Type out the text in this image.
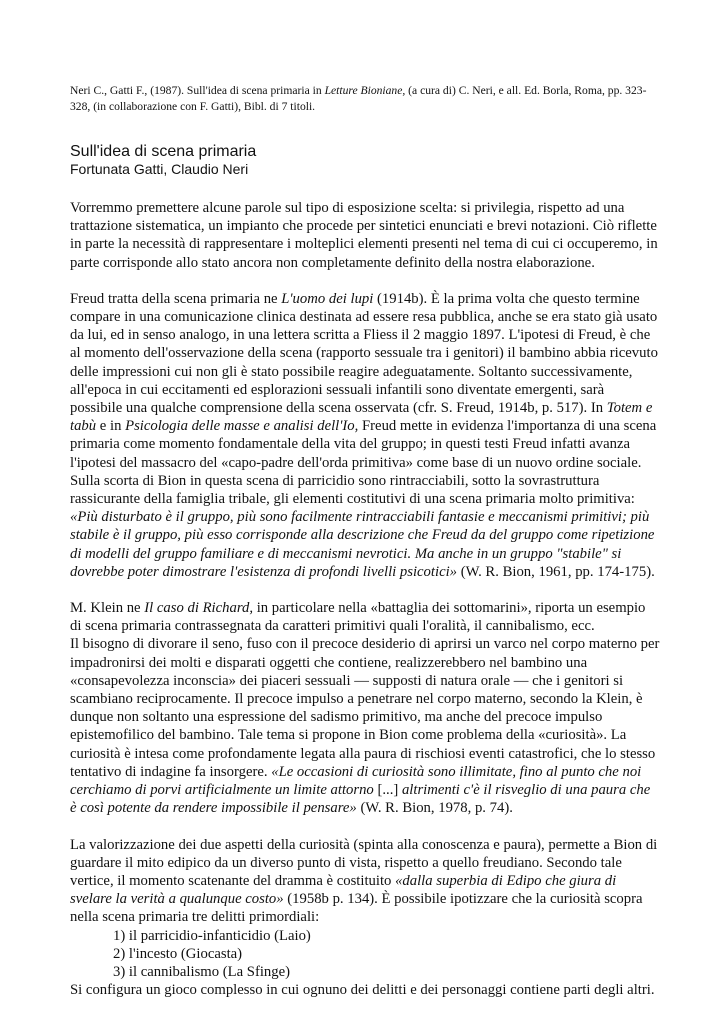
Neri C., Gatti F., (1987). Sull'idea di scena primaria in Letture Bioniane, (a cura di) C. Neri, e all. Ed. Borla, Roma, pp. 323-328, (in collaborazione con F. Gatti), Bibl. di 7 titoli.

Sull'idea di scena primaria

Fortunata Gatti, Claudio Neri

Vorremmo premettere alcune parole sul tipo di esposizione scelta: si privilegia, rispetto ad una trattazione sistematica, un impianto che procede per sintetici enunciati e brevi notazioni. Ciò riflette in parte la necessità di rappresentare i molteplici elementi presenti nel tema di cui ci occuperemo, in parte corrisponde allo stato ancora non completamente definito della nostra elaborazione.

Freud tratta della scena primaria ne L'uomo dei lupi (1914b). È la prima volta che questo termine compare in una comunicazione clinica destinata ad essere resa pubblica, anche se era stato già usato da lui, ed in senso analogo, in una lettera scritta a Fliess il 2 maggio 1897. L'ipotesi di Freud, è che al momento dell'osservazione della scena (rapporto sessuale tra i genitori) il bambino abbia ricevuto delle impressioni cui non gli è stato possibile reagire adeguatamente. Soltanto successivamente, all'epoca in cui eccitamenti ed esplorazioni sessuali infantili sono diventate emergenti, sarà possibile una qualche comprensione della scena osservata (cfr. S. Freud, 1914b, p. 517). In Totem e tabù e in Psicologia delle masse e analisi dell'Io, Freud mette in evidenza l'importanza di una scena primaria come momento fondamentale della vita del gruppo; in questi testi Freud infatti avanza l'ipotesi del massacro del «capo-padre dell'orda primitiva» come base di un nuovo ordine sociale.
Sulla scorta di Bion in questa scena di parricidio sono rintracciabili, sotto la sovrastruttura rassicurante della famiglia tribale, gli elementi costitutivi di una scena primaria molto primitiva: «Più disturbato è il gruppo, più sono facilmente rintracciabili fantasie e meccanismi primitivi; più stabile è il gruppo, più esso corrisponde alla descrizione che Freud da del gruppo come ripetizione di modelli del gruppo familiare e di meccanismi nevrotici. Ma anche in un gruppo "stabile" si dovrebbe poter dimostrare l'esistenza di profondi livelli psicotici» (W. R. Bion, 1961, pp. 174-175).
M. Klein ne Il caso di Richard, in particolare nella «battaglia dei sottomarini», riporta un esempio di scena primaria contrassegnata da caratteri primitivi quali l'oralità, il cannibalismo, ecc.
Il bisogno di divorare il seno, fuso con il precoce desiderio di aprirsi un varco nel corpo materno per impadronirsi dei molti e disparati oggetti che contiene, realizzerebbero nel bambino una «consapevolezza inconscia» dei piaceri sessuali — supposti di natura orale — che i genitori si scambiano reciprocamente. Il precoce impulso a penetrare nel corpo materno, secondo la Klein, è dunque non soltanto una espressione del sadismo primitivo, ma anche del precoce impulso epistemofilico del bambino. Tale tema si propone in Bion come problema della «curiosità». La curiosità è intesa come profondamente legata alla paura di rischiosi eventi catastrofici, che lo stesso tentativo di indagine fa insorgere. «Le occasioni di curiosità sono illimitate, fino al punto che noi cerchiamo di porvi artificialmente un limite attorno [...] altrimenti c'è il risveglio di una paura che è così potente da rendere impossibile il pensare» (W. R. Bion, 1978, p. 74).
La valorizzazione dei due aspetti della curiosità (spinta alla conoscenza e paura), permette a Bion di guardare il mito edipico da un diverso punto di vista, rispetto a quello freudiano. Secondo tale vertice, il momento scatenante del dramma è costituito «dalla superbia di Edipo che giura di svelare la verità a qualunque costo» (1958b p. 134). È possibile ipotizzare che la curiosità scopra nella scena primaria tre delitti primordiali:
1) il parricidio-infanticidio (Laio)
2) l'incesto (Giocasta)
3) il cannibalismo (La Sfinge)
Si configura un gioco complesso in cui ognuno dei delitti e dei personaggi contiene parti degli altri.
